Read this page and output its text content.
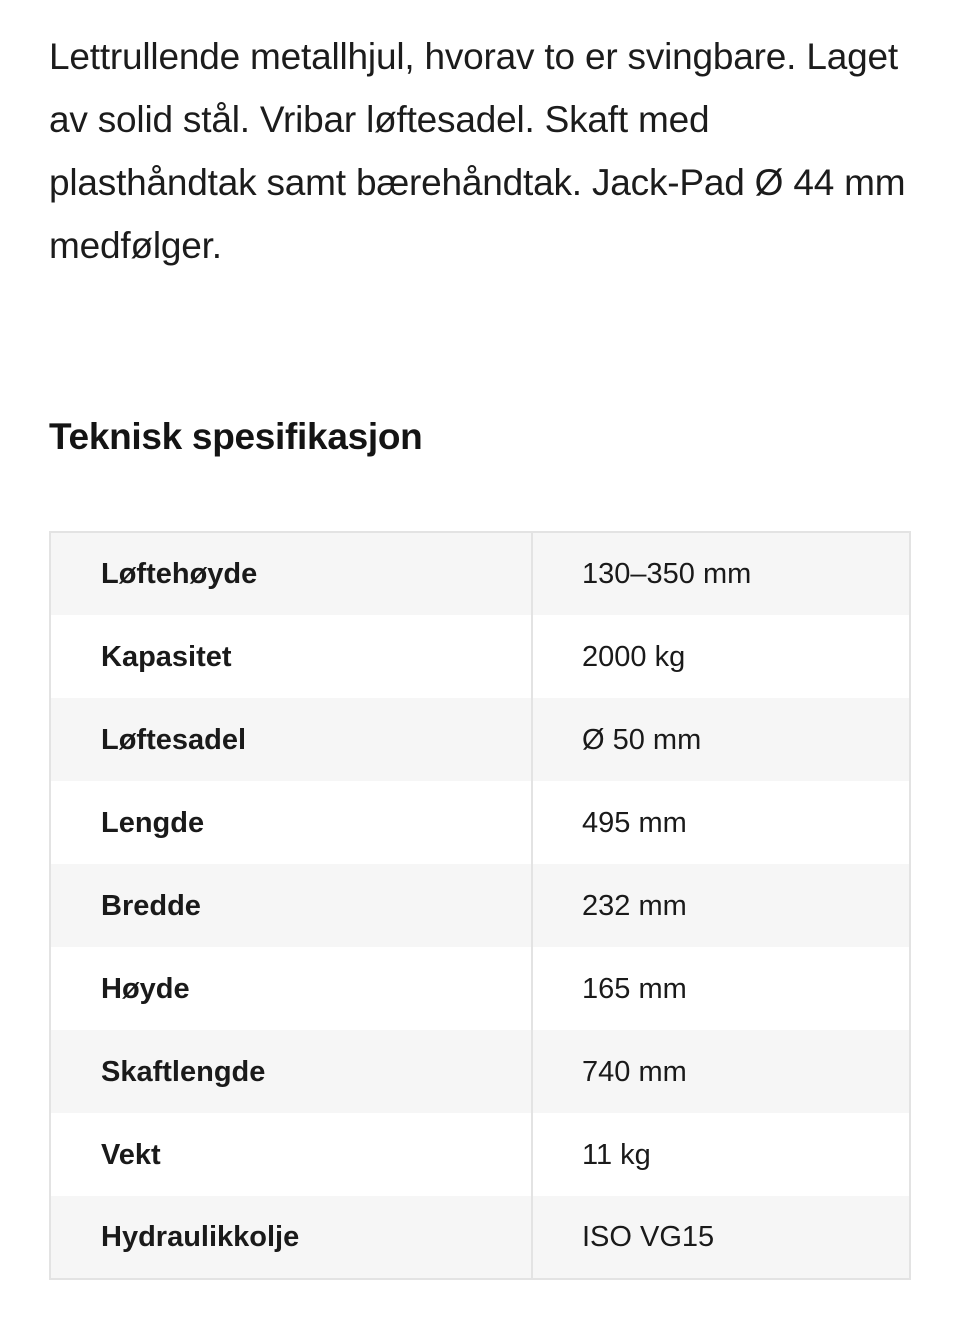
Lettrullende metallhjul, hvorav to er svingbare. Laget av solid stål. Vribar løftesadel. Skaft med plasthåndtak samt bærehåndtak. Jack-Pad Ø 44 mm medfølger.

Teknisk spesifikasjon
Løftehøyde	130–350 mm
Kapasitet	2000 kg
Løftesadel	Ø 50 mm
Lengde	495 mm
Bredde	232 mm
Høyde	165 mm
Skaftlengde	740 mm
Vekt	11 kg
Hydraulikkolje	ISO VG15
